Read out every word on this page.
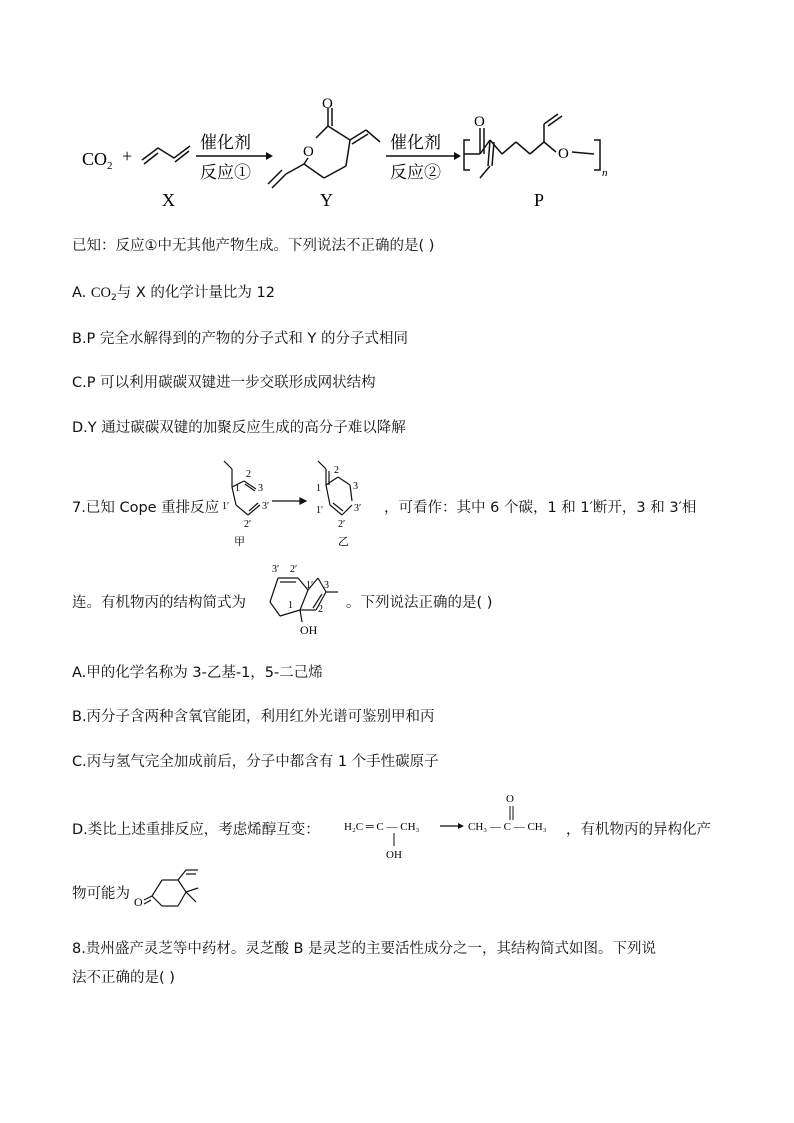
$CO_2$ +
X
催化剂
反应①
O
O
Y
催化剂
反应②
O
O
n
P
已知：反应①中无其他产物生成。下列说法不正确的是( )
A. $CO_2$与 X 的化学计量比为 12
B.P 完全水解得到的产物的分子式和 Y 的分子式相同
C.P 可以利用碳碳双键进一步交联形成网状结构
D.Y 通过碳碳双键的加聚反应生成的高分子难以降解
7.已知 Cope 重排反应
1
2
3
1′
2′
3′
1
2
3
1′
2′
3′
甲	乙
，可看作：其中 6 个碳，1 和 1′断开，3 和 3′相
连。有机物丙的结构简式为
3′ 2′
1′ 3
2
1
OH
。下列说法正确的是( )
A.甲的化学名称为 3-乙基-1，5-二己烯
B.丙分子含两种含氧官能团，利用红外光谱可鉴别甲和丙
C.丙与氢气完全加成前后，分子中都含有 1 个手性碳原子
D.类比上述重排反应，考虑烯醇互变： H₂C ═ C — CH₃
OH
CH₃ — C — CH₃
O
，有机物丙的异构化产
物可能为 O
8.贵州盛产灵芝等中药材。灵芝酸 B 是灵芝的主要活性成分之一，其结构简式如图。下列说
法不正确的是( )
